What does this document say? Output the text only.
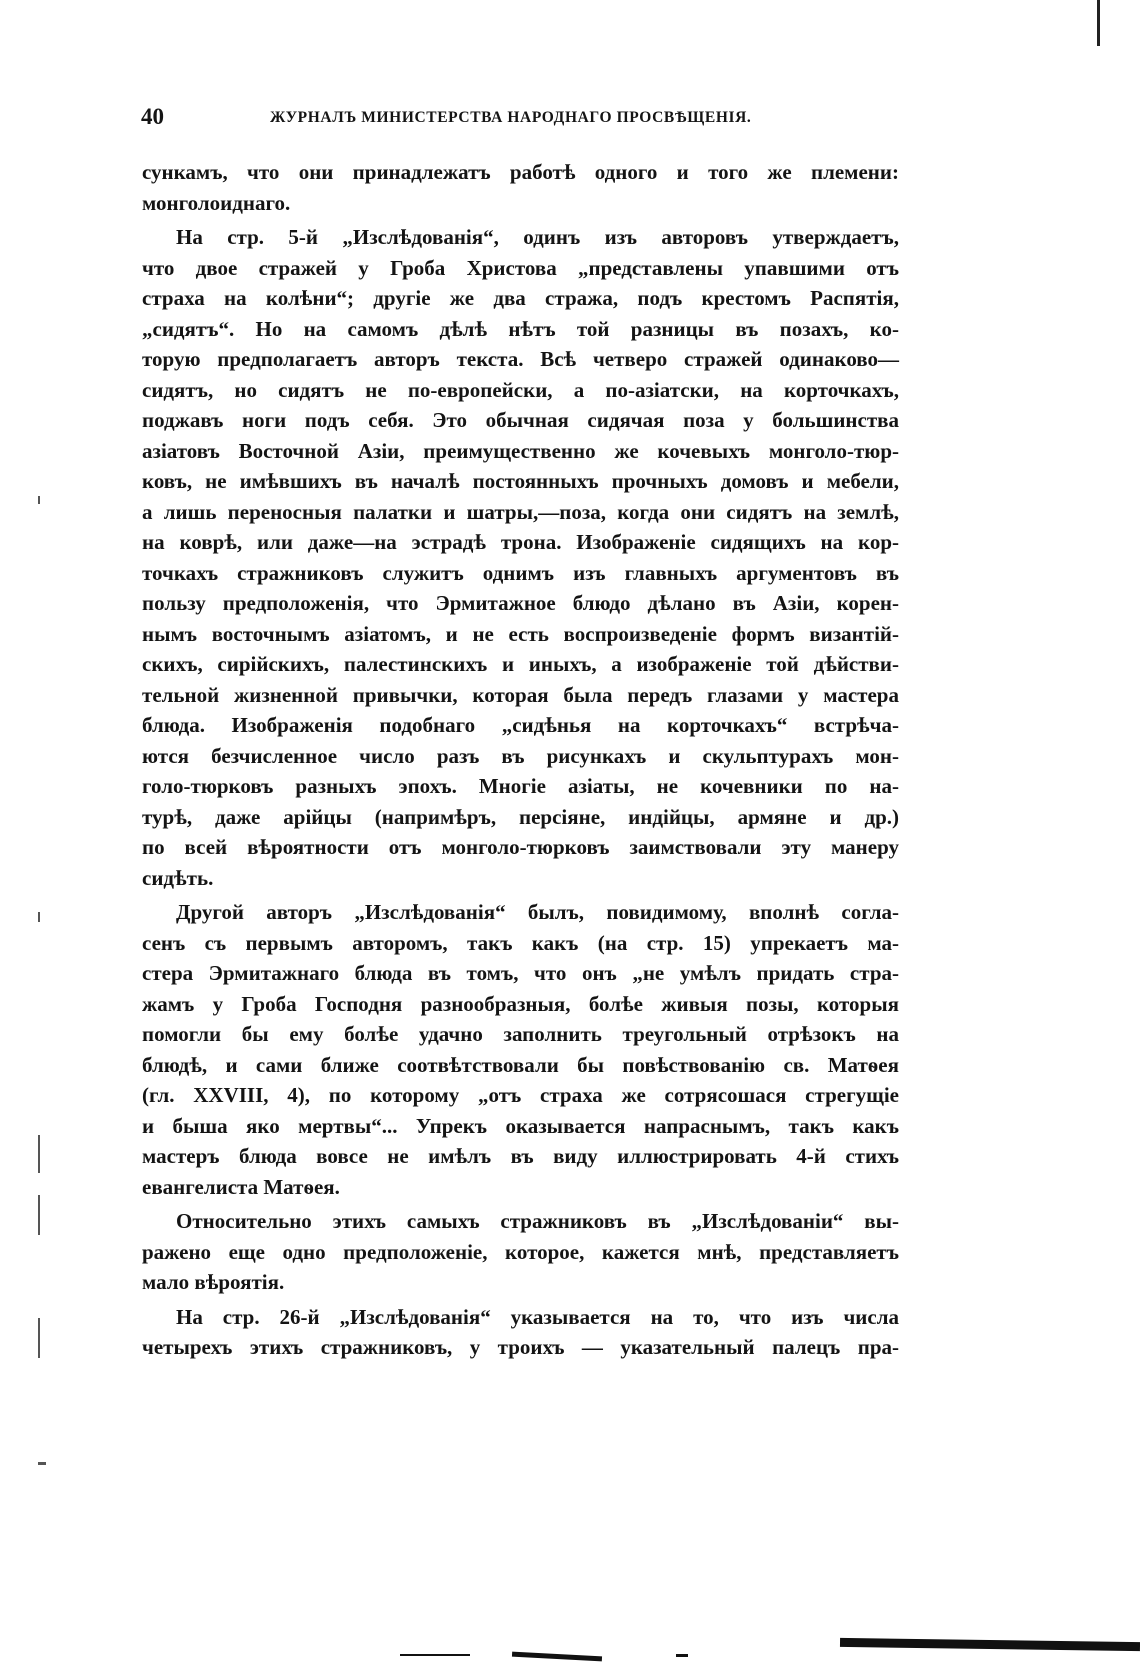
40	ЖУРНАЛЪ МИНИСТЕРСТВА НАРОДНАГО ПРОСВѢЩЕНІЯ.
сункамъ, что они принадлежатъ работѣ одного и того же племени:
монголоиднаго.
На стр. 5-й „Изслѣдованія“, одинъ изъ авторовъ утверждаетъ,
что двое стражей у Гроба Христова „представлены упавшими отъ
страха на колѣни“; другіе же два стража, подъ крестомъ Распятія,
„сидятъ“. Но на самомъ дѣлѣ нѣтъ той разницы въ позахъ, ко-
торую предполагаетъ авторъ текста. Всѣ четверо стражей одинаково—
сидятъ, но сидятъ не по-европейски, а по-азіатски, на корточкахъ,
поджавъ ноги подъ себя. Это обычная сидячая поза у большинства
азіатовъ Восточной Азіи, преимущественно же кочевыхъ монголо-тюр-
ковъ, не имѣвшихъ въ началѣ постоянныхъ прочныхъ домовъ и мебели,
а лишь переносныя палатки и шатры,—поза, когда они сидятъ на землѣ,
на коврѣ, или даже—на эстрадѣ трона. Изображеніе сидящихъ на кор-
точкахъ стражниковъ служитъ однимъ изъ главныхъ аргументовъ въ
пользу предположенія, что Эрмитажное блюдо дѣлано въ Азіи, корен-
нымъ восточнымъ азіатомъ, и не есть воспроизведеніе формъ византій-
скихъ, сирійскихъ, палестинскихъ и иныхъ, а изображеніе той дѣйстви-
тельной жизненной привычки, которая была передъ глазами у мастера
блюда. Изображенія подобнаго „сидѣнья на корточкахъ“ встрѣча-
ются безчисленное число разъ въ рисункахъ и скульптурахъ мон-
голо-тюрковъ разныхъ эпохъ. Многіе азіаты, не кочевники по на-
турѣ, даже арійцы (напримѣръ, персіяне, индійцы, армяне и др.)
по всей вѣроятности отъ монголо-тюрковъ заимствовали эту манеру
сидѣть.
Другой авторъ „Изслѣдованія“ былъ, повидимому, вполнѣ согла-
сенъ съ первымъ авторомъ, такъ какъ (на стр. 15) упрекаетъ ма-
стера Эрмитажнаго блюда въ томъ, что онъ „не умѣлъ придать стра-
жамъ у Гроба Господня разнообразныя, болѣе живыя позы, которыя
помогли бы ему болѣе удачно заполнить треугольный отрѣзокъ на
блюдѣ, и сами ближе соотвѣтствовали бы повѣствованію св. Матѳея
(гл. XXVIII, 4), по которому „отъ страха же сотрясошася стрегущіе
и быша яко мертвы“... Упрекъ оказывается напраснымъ, такъ какъ
мастеръ блюда вовсе не имѣлъ въ виду иллюстрировать 4-й стихъ
евангелиста Матѳея.
Относительно этихъ самыхъ стражниковъ въ „Изслѣдованіи“ вы-
ражено еще одно предположеніе, которое, кажется мнѣ, представляетъ
мало вѣроятія.
На стр. 26-й „Изслѣдованія“ указывается на то, что изъ числа
четырехъ этихъ стражниковъ, у троихъ — указательный палецъ пра-
